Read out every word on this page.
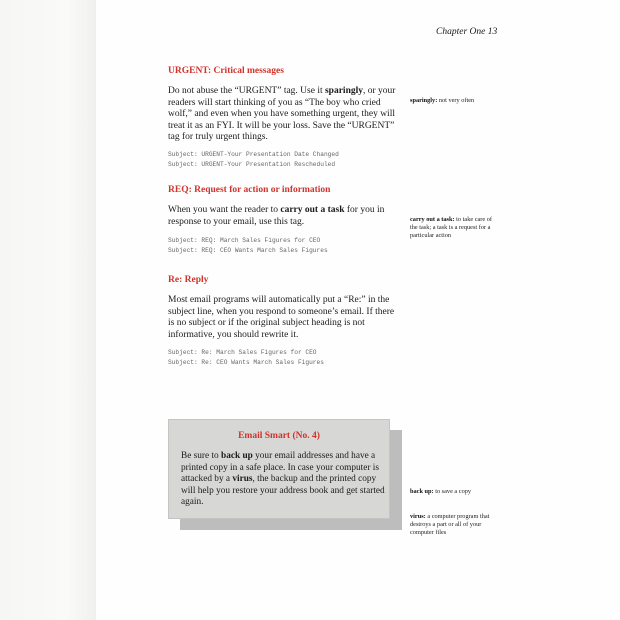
Chapter One 13
URGENT: Critical messages

Do not abuse the “URGENT” tag. Use it sparingly, or your readers will start thinking of you as “The boy who cried wolf,” and even when you have something urgent, they will treat it as an FYI. It will be your loss. Save the “URGENT” tag for truly urgent things.

Subject: URGENT-Your Presentation Date Changed
Subject: URGENT-Your Presentation Rescheduled
REQ: Request for action or information

When you want the reader to carry out a task for you in response to your email, use this tag.

Subject: REQ: March Sales Figures for CEO
Subject: REQ: CEO Wants March Sales Figures
Re: Reply

Most email programs will automatically put a “Re:” in the subject line, when you respond to someone’s email. If there is no subject or if the original subject heading is not informative, you should rewrite it.

Subject: Re: March Sales Figures for CEO
Subject: Re: CEO Wants March Sales Figures
Email Smart (No. 4)

Be sure to back up your email addresses and have a printed copy in a safe place. In case your computer is attacked by a virus, the backup and the printed copy will help you restore your address book and get started again.

sparingly: not very often
carry out a task: to take care of the task; a task is a request for a particular action
back up: to save a copy
virus: a computer program that destroys a part or all of your computer files
